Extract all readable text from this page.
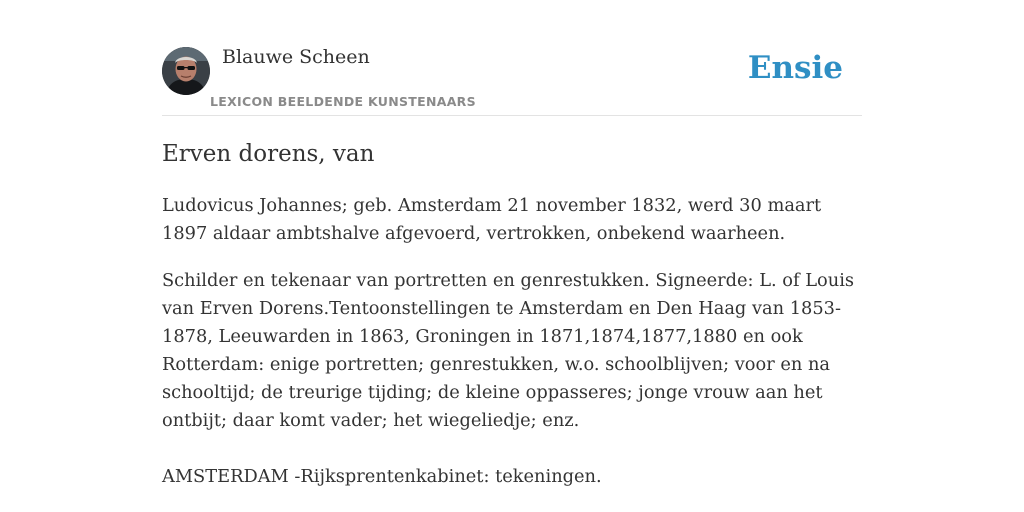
Blauwe Scheen
LEXICON BEELDENDE KUNSTENAARS
Ensie
Erven dorens, van

Ludovicus Johannes; geb. Amsterdam 21 november 1832, werd 30 maart 1897 aldaar ambtshalve afgevoerd, vertrokken, onbekend waarheen.

Schilder en tekenaar van portretten en genrestukken. Signeerde: L. of Louis van Erven Dorens.Tentoonstellingen te Amsterdam en Den Haag van 1853-1878, Leeuwarden in 1863, Groningen in 1871,1874,1877,1880 en ook Rotterdam: enige portretten; genrestukken, w.o. schoolblijven; voor en na schooltijd; de treurige tijding; de kleine oppasseres; jonge vrouw aan het ontbijt; daar komt vader; het wiegeliedje; enz.

AMSTERDAM -Rijksprentenkabinet: tekeningen.
